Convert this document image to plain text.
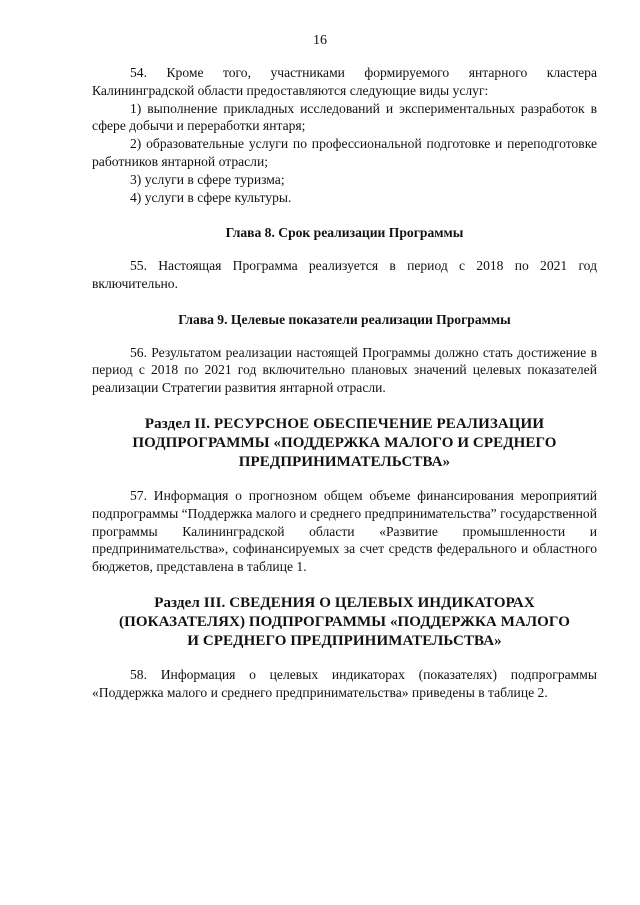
16

54. Кроме того, участниками формируемого янтарного кластера Калининградской области предоставляются следующие виды услуг:

1) выполнение прикладных исследований и экспериментальных разработок в сфере добычи и переработки янтаря;

2) образовательные услуги по профессиональной подготовке и переподготовке работников янтарной отрасли;

3) услуги в сфере туризма;

4) услуги в сфере культуры.

Глава 8. Срок реализации Программы

55. Настоящая Программа реализуется в период с 2018 по 2021 год включительно.

Глава 9. Целевые показатели реализации Программы

56. Результатом реализации настоящей Программы должно стать достижение в период с 2018 по 2021 год включительно плановых значений целевых показателей реализации Стратегии развития янтарной отрасли.

Раздел II. РЕСУРСНОЕ ОБЕСПЕЧЕНИЕ РЕАЛИЗАЦИИ
ПОДПРОГРАММЫ «ПОДДЕРЖКА МАЛОГО И СРЕДНЕГО
ПРЕДПРИНИМАТЕЛЬСТВА»

57. Информация о прогнозном общем объеме финансирования мероприятий подпрограммы “Поддержка малого и среднего предпринимательства” государственной программы Калининградской области «Развитие промышленности и предпринимательства», софинансируемых за счет средств федерального и областного бюджетов, представлена в таблице 1.

Раздел III. СВЕДЕНИЯ О ЦЕЛЕВЫХ ИНДИКАТОРАХ
(ПОКАЗАТЕЛЯХ) ПОДПРОГРАММЫ «ПОДДЕРЖКА МАЛОГО
И СРЕДНЕГО ПРЕДПРИНИМАТЕЛЬСТВА»

58. Информация о целевых индикаторах (показателях) подпрограммы «Поддержка малого и среднего предпринимательства» приведены в таблице 2.
